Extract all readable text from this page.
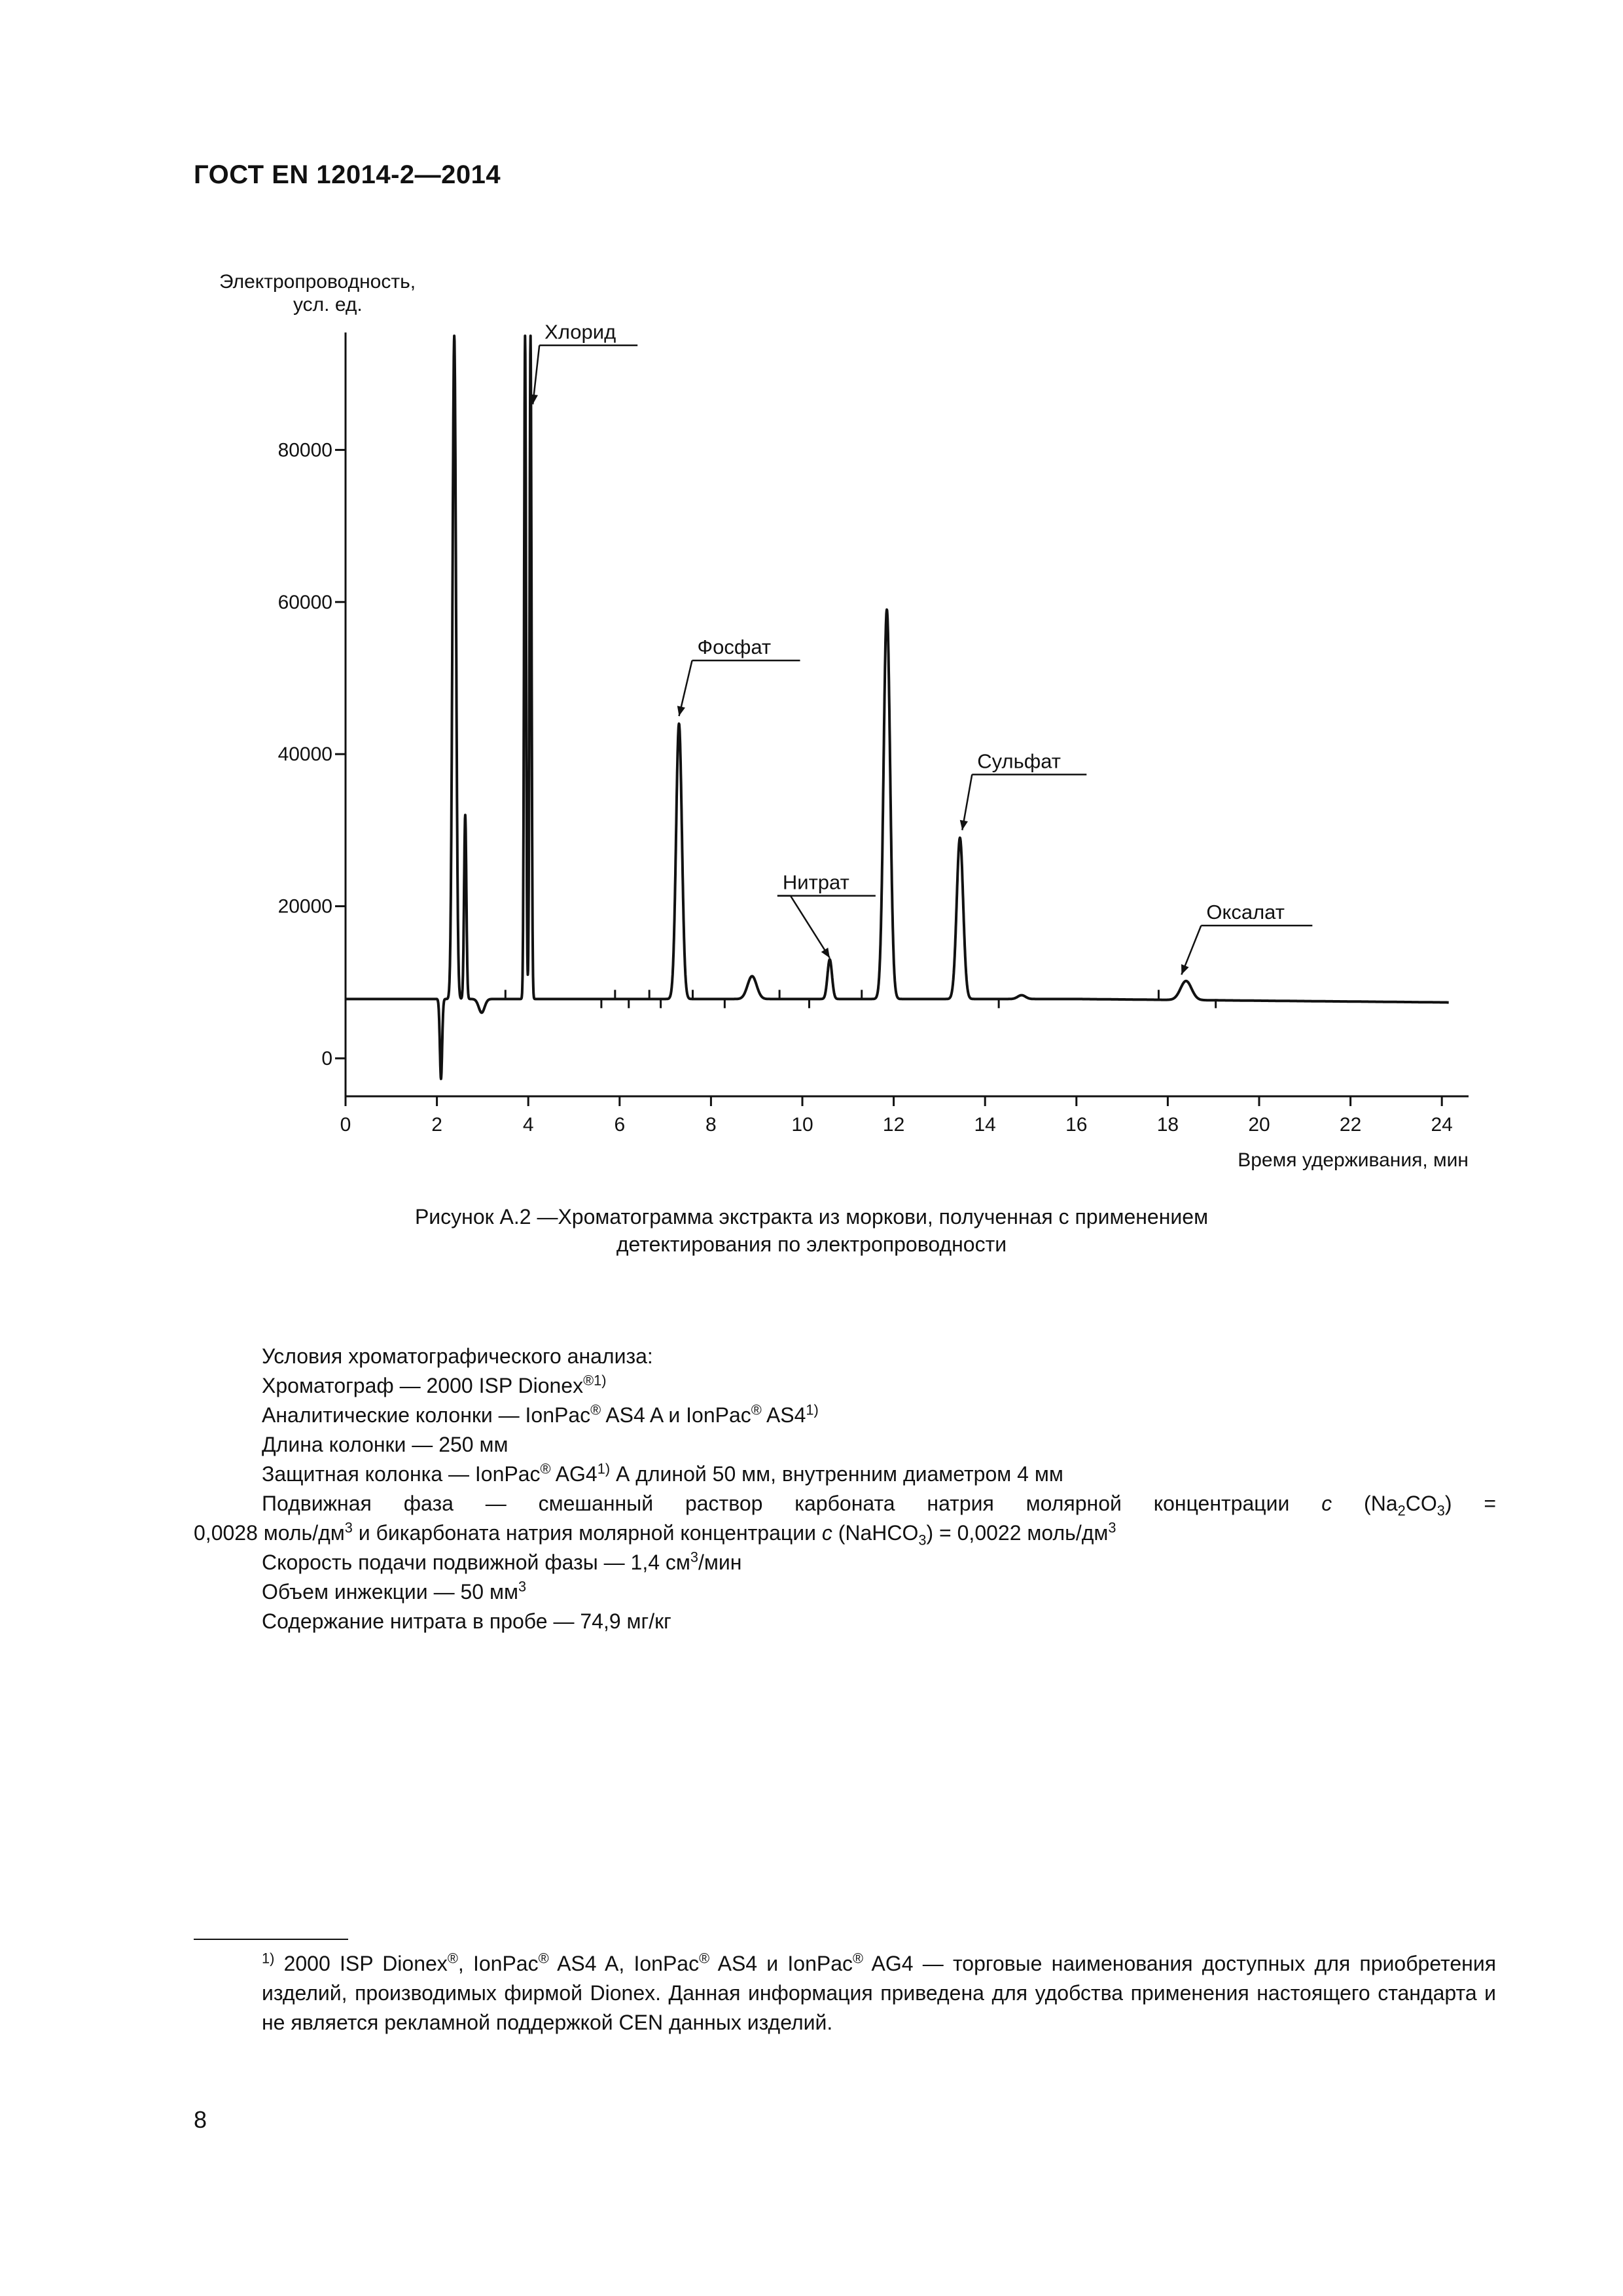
ГОСТ EN 12014-2—2014
Электропроводность,
усл. ед.
0	2	4	6	8	10	12	14	16	18	20	22	24
0
20000
40000
60000
80000
Время удерживания, мин
Хлорид
Фосфат
Нитрат
Сульфат
Оксалат
Рисунок А.2 —Хроматограмма экстракта из моркови, полученная с применением
детектирования по электропроводности
Условия хроматографического анализа:
Хроматограф — 2000 ISP Dionex$^{®1)}$
Аналитические колонки — IonPac® AS4 A и IonPac® AS4$^{1)}$
Длина колонки — 250 мм
Защитная колонка — IonPac® AG4$^{1)}$ А длиной 50 мм, внутренним диаметром 4 мм
Подвижная фаза — смешанный раствор карбоната натрия молярной концентрации c $(Na_2CO_3)$ =
0,0028 моль/$дм^3$ и бикарбоната натрия молярной концентрации c (NaHCO$_3$) = 0,0022 моль/$дм^3$
Скорость подачи подвижной фазы — 1,4 $см^3$/мин
Объем инжекции — 50 $мм^3$
Содержание нитрата в пробе — 74,9 мг/кг
$^{1)}$ 2000 ISP Dionex®, IonPac® AS4 A, IonPac® AS4 и IonPac® AG4 — торговые наименования доступных для приобретения изделий, производимых фирмой Dionex. Данная информация приведена для удобства применения настоящего стандарта и не является рекламной поддержкой CEN данных изделий.
8
